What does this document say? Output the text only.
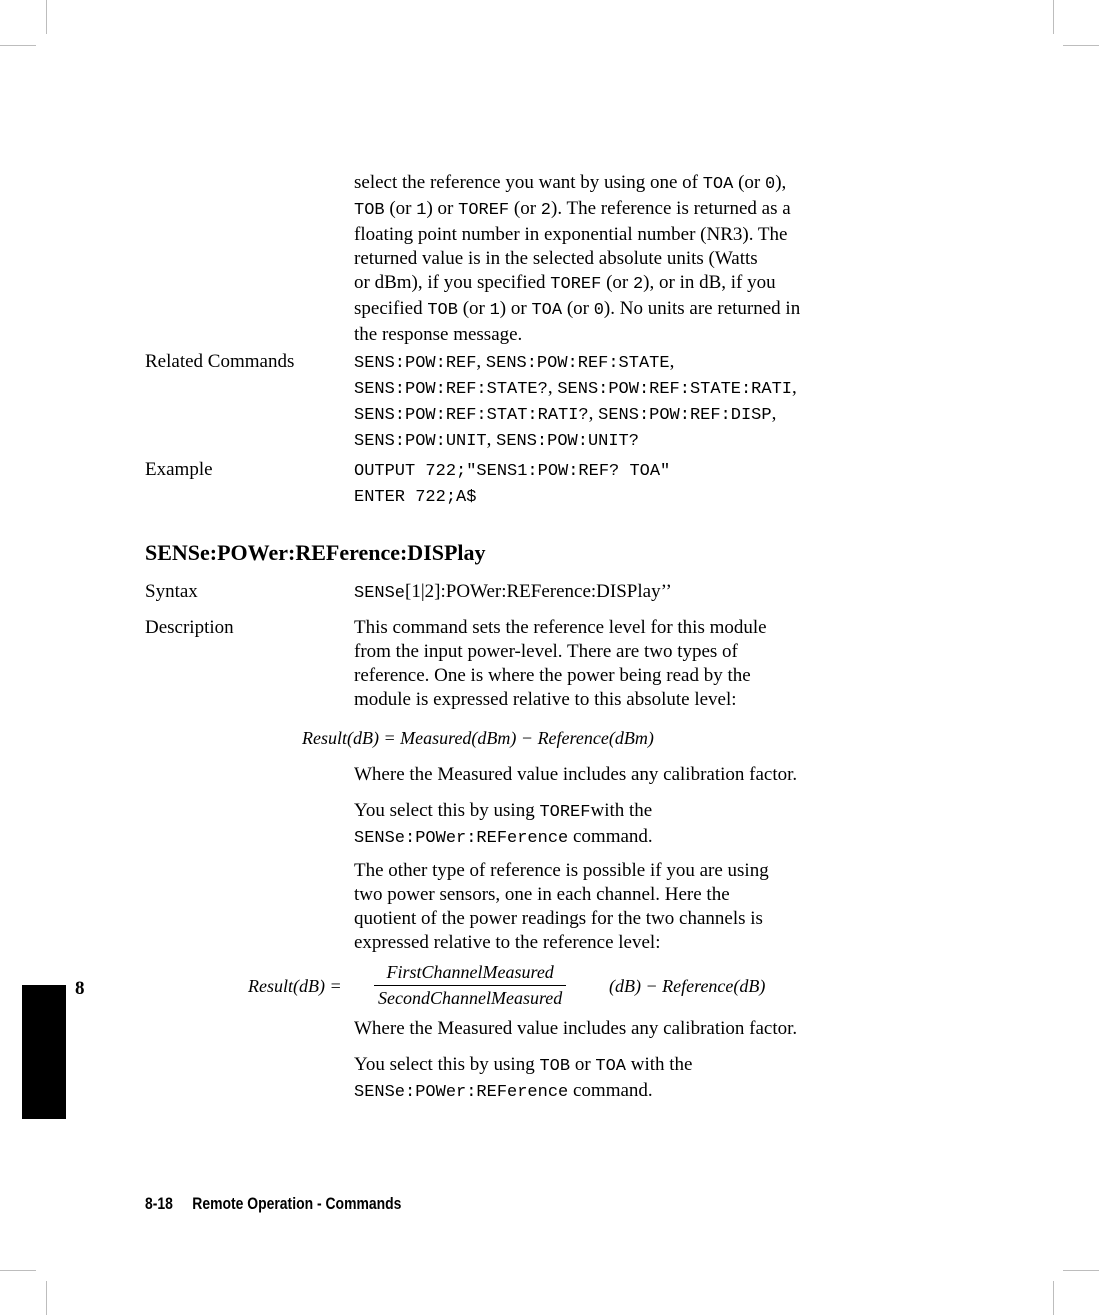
select the reference you want by using one of TOA (or 0),
TOB (or 1) or TOREF (or 2). The reference is returned as a
floating point number in exponential number (NR3). The
returned value is in the selected absolute units (Watts
or dBm), if you specified TOREF (or 2), or in dB, if you
specified TOB (or 1) or TOA (or 0). No units are returned in
the response message.
Related Commands	SENS:POW:REF, SENS:POW:REF:STATE,
SENS:POW:REF:STATE?, SENS:POW:REF:STATE:RATI,
SENS:POW:REF:STAT:RATI?, SENS:POW:REF:DISP,
SENS:POW:UNIT, SENS:POW:UNIT?
Example	OUTPUT 722;"SENS1:POW:REF? TOA"
ENTER 722;A$
SENSe:POWer:REFerence:DISPlay
Syntax	SENSe[1|2]:POWer:REFerence:DISPlay’’
Description	This command sets the reference level for this module
from the input power-level. There are two types of
reference. One is where the power being read by the
module is expressed relative to this absolute level:
Result(dB) = Measured(dBm) − Reference(dBm)
Where the Measured value includes any calibration factor.
You select this by using TOREFwith the
SENSe:POWer:REFerence command.
The other type of reference is possible if you are using
two power sensors, one in each channel. Here the
quotient of the power readings for the two channels is
expressed relative to the reference level:
Result(dB) =
FirstChannelMeasured
SecondChannelMeasured
(dB) − Reference(dB)
Where the Measured value includes any calibration factor.
You select this by using TOB or TOA with the
SENSe:POWer:REFerence command.
8
8-18     Remote Operation - Commands
